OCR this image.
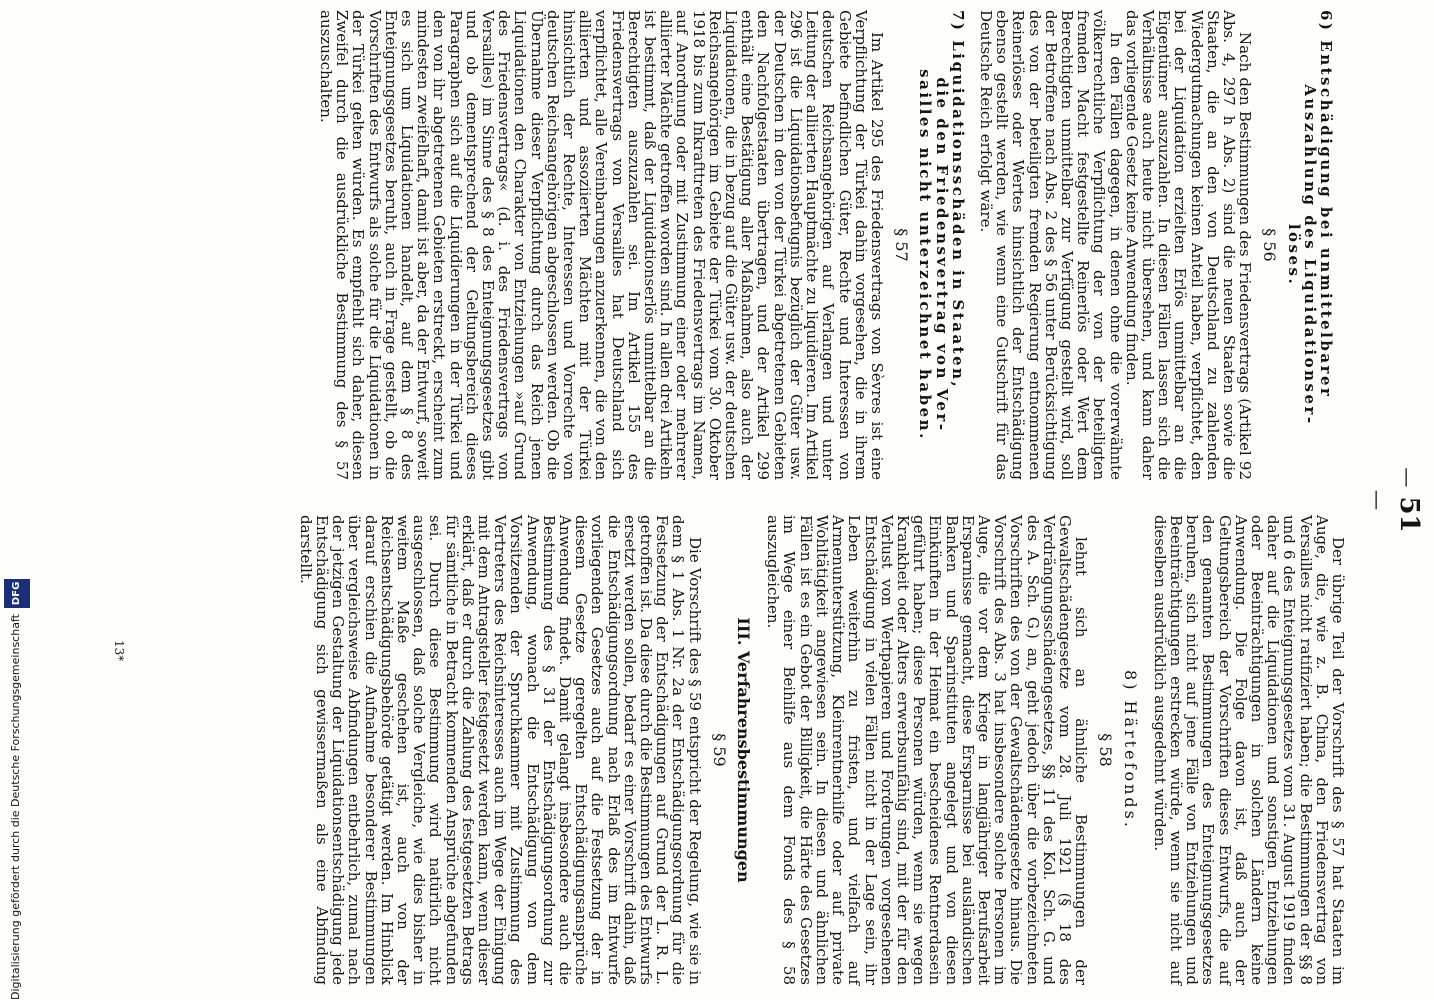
— 51 —
6) Entschädigung bei unmittelbarer
Auszahlung des Liquidationser-
löses.
§ 56

Nach den Bestimmungen des Friedensvertrags (Artikel 92 Abs. 4, 297 h Abs. 2) sind die neuen Staaten sowie die Staaten, die an den von Deutschland zu zahlenden Wiedergutmachungen keinen Anteil haben, verpflichtet, den bei der Liquidation erzielten Erlös unmittelbar an die Eigentümer auszuzahlen. In diesen Fällen lassen sich die Verhältnisse auch heute nicht übersehen, und kann daher das vorliegende Gesetz keine Anwendung finden.

In den Fällen dagegen, in denen ohne die vorerwähnte völkerrechtliche Verpflichtung der von der beteiligten fremden Macht festgestellte Reinerlös oder Wert dem Berechtigten unmittelbar zur Verfügung gestellt wird, soll der Betroffene nach Abs. 2 des § 56 unter Berücksichtigung des von der beteiligten fremden Regierung entnommenen Reinerlöses oder Wertes hinsichtlich der Entschädigung ebenso gestellt werden, wie wenn eine Gutschrift für das Deutsche Reich erfolgt wäre.

7) Liquidationsschäden in Staaten,
die den Friedensvertrag von Ver-
sailles nicht unterzeichnet haben.
§ 57

Im Artikel 295 des Friedensvertrags von Sèvres ist eine Verpflichtung der Türkei dahin vorgesehen, die in ihrem Gebiete befindlichen Güter, Rechte und Interessen von deutschen Reichsangehörigen auf Verlangen und unter Leitung der alliierten Hauptmächte zu liquidieren. Im Artikel 296 ist die Liquidationsbefugnis bezüglich der Güter usw. der Deutschen in den von der Türkei abgetretenen Gebieten den Nachfolgestaaten übertragen, und der Artikel 299 enthält eine Bestätigung aller Maßnahmen, also auch der Liquidationen, die in bezug auf die Güter usw. der deutschen Reichsangehörigen im Gebiete der Türkei vom 30. Oktober 1918 bis zum Inkrafttreten des Friedensvertrags im Namen, auf Anordnung oder mit Zustimmung einer oder mehrerer alliierter Mächte getroffen worden sind. In allen drei Artikeln ist bestimmt, daß der Liquidationserlös unmittelbar an die Berechtigten auszuzahlen sei. Im Artikel 155 des Friedensvertrags von Versailles hat Deutschland sich verpflichtet, alle Vereinbarungen anzuerkennen, die von den alliierten und assoziierten Mächten mit der Türkei hinsichtlich der Rechte, Interessen und Vorrechte von deutschen Reichsangehörigen abgeschlossen werden. Ob die Übernahme dieser Verpflichtung durch das Reich jenen Liquidationen den Charakter von Entziehungen »auf Grund des Friedensvertrags« (d. i. des Friedensvertrags von Versailles) im Sinne des § 8 des Enteignungsgesetzes gibt und ob dementsprechend der Geltungsbereich dieses Paragraphen sich auf die Liquidierungen in der Türkei und den von ihr abgetretenen Gebieten erstreckt, erscheint zum mindesten zweifelhaft, damit ist aber, da der Entwurf, soweit es sich um Liquidationen handelt, auf dem § 8 des Enteignungsgesetzes beruht, auch in Frage gestellt, ob die Vorschriften des Entwurfs als solche für die Liquidationen in der Türkei gelten würden. Es empfiehlt sich daher, diesen Zweifel durch die ausdrückliche Bestimmung des § 57 auszuschalten.

Der übrige Teil der Vorschrift des § 57 hat Staaten im Auge, die, wie z. B. China, den Friedensvertrag von Versailles nicht ratifiziert haben; die Bestimmungen der §§ 8 und 6 des Enteignungsgesetzes vom 31. August 1919 finden daher auf die Liquidationen und sonstigen Entziehungen oder Beeinträchtigungen in solchen Ländern keine Anwendung. Die Folge davon ist, daß auch der Geltungsbereich der Vorschriften dieses Entwurfs, die auf den genannten Bestimmungen des Enteignungsgesetzes beruhen, sich nicht auf jene Fälle von Entziehungen und Beeinträchtigungen erstrecken würde, wenn sie nicht auf dieselben ausdrücklich ausgedehnt würden.

8) Härtefonds.
§ 58

lehnt sich an ähnliche Bestimmungen der Gewaltschädengesetze vom 28. Juli 1921 (§ 18 des Verdrängungsschädengesetzes, §§ 11 des Kol. Sch. G. und des A. Sch. G.) an, geht jedoch über die vorbezeichneten Vorschriften des von der Gewaltschädengesetze hinaus. Die Vorschrift des Abs. 3 hat insbesondere solche Personen im Auge, die vor dem Kriege in langjähriger Berufsarbeit Ersparnisse gemacht, diese Ersparnisse bei ausländischen Banken und Sparinstituten angelegt und von diesen Einkünften in der Heimat ein bescheidenes Rentnerdasein geführt haben; diese Personen würden, wenn sie wegen Krankheit oder Alters erwerbsunfähig sind, mit der für den Verlust von Wertpapieren und Forderungen vorgesehenen Entschädigung in vielen Fällen nicht in der Lage sein, ihr Leben weiterhin zu fristen, und vielfach auf Armenunterstützung, Kleinrentnerhilfe oder auf private Wohltätigkeit angewiesen sein. In diesen und ähnlichen Fällen ist es ein Gebot der Billigkeit, die Härte des Gesetzes im Wege einer Beihilfe aus dem Fonds des § 58 auszugleichen.

III. Verfahrensbestimmungen
§ 59

Die Vorschrift des § 59 entspricht der Regelung, wie sie in dem § 1 Abs. 1 Nr. 2a der Entschädigungsordnung für die Festsetzung der Entschädigungen auf Grund der L. R. L. getroffen ist. Da diese durch die Bestimmungen des Entwurfs ersetzt werden sollen, bedarf es einer Vorschrift dahin, daß die Entschädigungsordnung nach Erlaß des im Entwurfe vorliegenden Gesetzes auch auf die Festsetzung der in diesem Gesetze geregelten Entschädigungsansprüche Anwendung findet. Damit gelangt insbesondere auch die Bestimmung des § 31 der Entschädigungsordnung zur Anwendung, wonach die Entschädigung von dem Vorsitzenden der Spruchkammer mit Zustimmung des Vertreters des Reichsinteresses auch im Wege der Einigung mit dem Antragsteller festgesetzt werden kann, wenn dieser erklärt, daß er durch die Zahlung des festgesetzten Betrags für sämtliche in Betracht kommenden Ansprüche abgefunden sei. Durch diese Bestimmung wird natürlich nicht ausgeschlossen, daß solche Vergleiche, wie dies bisher in weitem Maße geschehen ist, auch von der Reichsentschädigungsbehörde getätigt werden. Im Hinblick darauf erschien die Aufnahme besonderer Bestimmungen über vergleichsweise Abfindungen entbehrlich, zumal nach der jetzigen Gestaltung der Liquidationsentschädigung jede Entschädigung sich gewissermaßen als eine Abfindung darstellt.

13*
Digitalisierung gefördert durch die Deutsche ForschungsgemeinschaftDFG
